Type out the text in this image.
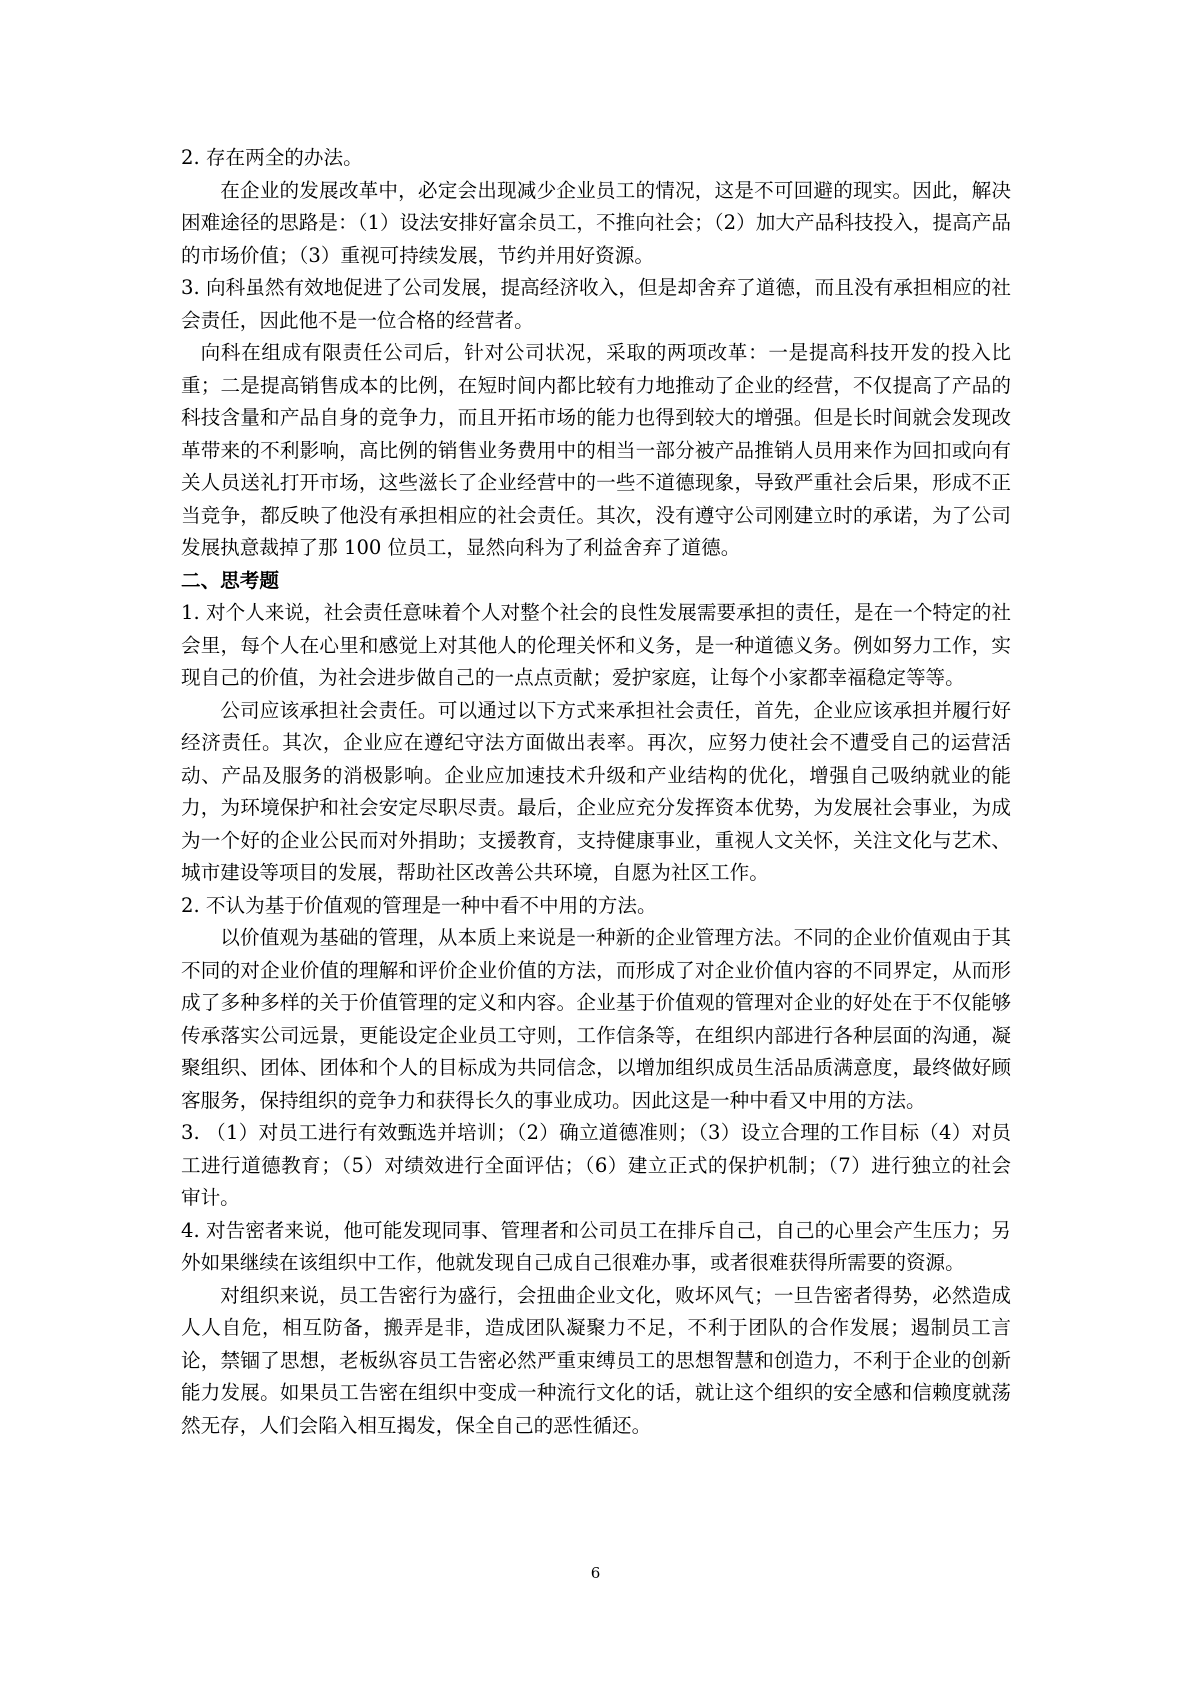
2. 存在两全的办法。

在企业的发展改革中，必定会出现减少企业员工的情况，这是不可回避的现实。因此，解决困难途径的思路是：（1）设法安排好富余员工，不推向社会；（2）加大产品科技投入，提高产品的市场价值；（3）重视可持续发展，节约并用好资源。

3. 向科虽然有效地促进了公司发展，提高经济收入，但是却舍弃了道德，而且没有承担相应的社会责任，因此他不是一位合格的经营者。

向科在组成有限责任公司后，针对公司状况，采取的两项改革：一是提高科技开发的投入比重；二是提高销售成本的比例，在短时间内都比较有力地推动了企业的经营，不仅提高了产品的科技含量和产品自身的竞争力，而且开拓市场的能力也得到较大的增强。但是长时间就会发现改革带来的不利影响，高比例的销售业务费用中的相当一部分被产品推销人员用来作为回扣或向有关人员送礼打开市场，这些滋长了企业经营中的一些不道德现象，导致严重社会后果，形成不正当竞争，都反映了他没有承担相应的社会责任。其次，没有遵守公司刚建立时的承诺，为了公司发展执意裁掉了那 100 位员工，显然向科为了利益舍弃了道德。

二、思考题

1. 对个人来说，社会责任意味着个人对整个社会的良性发展需要承担的责任，是在一个特定的社会里，每个人在心里和感觉上对其他人的伦理关怀和义务，是一种道德义务。例如努力工作，实现自己的价值，为社会进步做自己的一点点贡献；爱护家庭，让每个小家都幸福稳定等等。

公司应该承担社会责任。可以通过以下方式来承担社会责任，首先，企业应该承担并履行好经济责任。其次，企业应在遵纪守法方面做出表率。再次，应努力使社会不遭受自己的运营活动、产品及服务的消极影响。企业应加速技术升级和产业结构的优化，增强自己吸纳就业的能力，为环境保护和社会安定尽职尽责。最后，企业应充分发挥资本优势，为发展社会事业，为成为一个好的企业公民而对外捐助；支援教育，支持健康事业，重视人文关怀，关注文化与艺术、城市建设等项目的发展，帮助社区改善公共环境，自愿为社区工作。

2. 不认为基于价值观的管理是一种中看不中用的方法。

以价值观为基础的管理，从本质上来说是一种新的企业管理方法。不同的企业价值观由于其不同的对企业价值的理解和评价企业价值的方法，而形成了对企业价值内容的不同界定，从而形成了多种多样的关于价值管理的定义和内容。企业基于价值观的管理对企业的好处在于不仅能够传承落实公司远景，更能设定企业员工守则，工作信条等，在组织内部进行各种层面的沟通，凝聚组织、团体、团体和个人的目标成为共同信念，以增加组织成员生活品质满意度，最终做好顾客服务，保持组织的竞争力和获得长久的事业成功。因此这是一种中看又中用的方法。

3. （1）对员工进行有效甄选并培训；（2）确立道德准则；（3）设立合理的工作目标（4）对员工进行道德教育；（5）对绩效进行全面评估；（6）建立正式的保护机制；（7）进行独立的社会审计。

4. 对告密者来说，他可能发现同事、管理者和公司员工在排斥自己，自己的心里会产生压力；另外如果继续在该组织中工作，他就发现自己成自己很难办事，或者很难获得所需要的资源。

对组织来说，员工告密行为盛行，会扭曲企业文化，败坏风气；一旦告密者得势，必然造成人人自危，相互防备，搬弄是非，造成团队凝聚力不足，不利于团队的合作发展；遏制员工言论，禁锢了思想，老板纵容员工告密必然严重束缚员工的思想智慧和创造力，不利于企业的创新能力发展。如果员工告密在组织中变成一种流行文化的话，就让这个组织的安全感和信赖度就荡然无存，人们会陷入相互揭发，保全自己的恶性循还。

6
